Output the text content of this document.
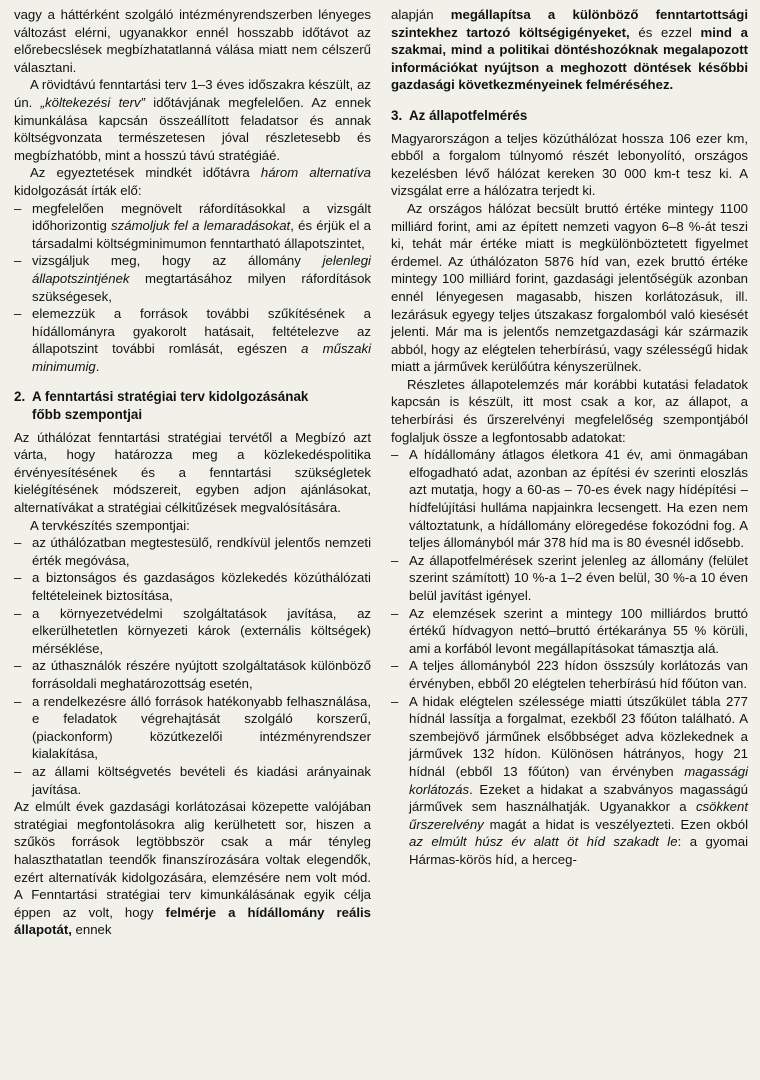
vagy a háttérként szolgáló intézményrendszerben lényeges változást elérni, ugyanakkor ennél hosszabb időtávot az előrebecslések megbízhatatlanná válása miatt nem célszerű választani.

A rövidtávú fenntartási terv 1–3 éves időszakra készült, az ún. „költekezési terv” időtávjának megfelelően. Az ennek kimunkálása kapcsán összeállított feladatsor és annak költségvonzata természetesen jóval részletesebb és megbízhatóbb, mint a hosszú távú stratégiáé.

Az egyeztetések mindkét időtávra három alternatíva kidolgozását írták elő:

– megfelelően megnövelt ráfordításokkal a vizsgált időhorizontig számoljuk fel a lemaradásokat, és érjük el a társadalmi költségminimumon fenntartható állapotszintet,
– vizsgáljuk meg, hogy az állomány jelenlegi állapotszintjének megtartásához milyen ráfordítások szükségesek,
– elemezzük a források további szűkítésének a hídállományra gyakorolt hatásait, feltételezve az állapotszint további romlását, egészen a műszaki minimumig.
2. A fenntartási stratégiai terv kidolgozásának
főbb szempontjai

Az úthálózat fenntartási stratégiai tervétől a Megbízó azt várta, hogy határozza meg a közlekedéspolitika érvényesítésének és a fenntartási szükségletek kielégítésének módszereit, egyben adjon ajánlásokat, alternatívákat a stratégiai célkitűzések megvalósítására.

A tervkészítés szempontjai:

– az úthálózatban megtestesülő, rendkívül jelentős nemzeti érték megóvása,
– a biztonságos és gazdaságos közlekedés közúthálózati feltételeinek biztosítása,
– a környezetvédelmi szolgáltatások javítása, az elkerülhetetlen környezeti károk (externális költségek) mérséklése,
– az úthasználók részére nyújtott szolgáltatások különböző forrásoldali meghatározottság esetén,
– a rendelkezésre álló források hatékonyabb felhasználása, e feladatok végrehajtását szolgáló korszerű, (piackonform) közútkezelői intézményrendszer kialakítása,
– az állami költségvetés bevételi és kiadási arányainak javítása.

Az elmúlt évek gazdasági korlátozásai közepette valójában stratégiai megfontolásokra alig kerülhetett sor, hiszen a szűkös források legtöbbször csak a már tényleg halaszthatatlan teendők finanszírozására voltak elegendők, ezért alternatívák kidolgozására, elemzésére nem volt mód. A Fenntartási stratégiai terv kimunkálásának egyik célja éppen az volt, hogy felmérje a hídállomány reális állapotát, ennek

alapján megállapítsa a különböző fenntartottsági szintekhez tartozó költségigényeket, és ezzel mind a szakmai, mind a politikai döntéshozóknak megalapozott információkat nyújtson a meghozott döntések későbbi gazdasági következményeinek felméréséhez.

3. Az állapotfelmérés

Magyarországon a teljes közúthálózat hossza 106 ezer km, ebből a forgalom túlnyomó részét lebonyolító, országos kezelésben lévő hálózat kereken 30 000 km-t tesz ki. A vizsgálat erre a hálózatra terjedt ki.

Az országos hálózat becsült bruttó értéke mintegy 1100 milliárd forint, ami az épített nemzeti vagyon 6–8 %-át teszi ki, tehát már értéke miatt is megkülönböztetett figyelmet érdemel. Az úthálózaton 5876 híd van, ezek bruttó értéke mintegy 100 milliárd forint, gazdasági jelentőségük azonban ennél lényegesen magasabb, hiszen korlátozásuk, ill. lezárásuk egyegy teljes útszakasz forgalomból való kiesését jelenti. Már ma is jelentős nemzetgazdasági kár származik abból, hogy az elégtelen teherbírású, vagy szélességű hidak miatt a járművek kerülőútra kényszerülnek.

Részletes állapotelemzés már korábbi kutatási feladatok kapcsán is készült, itt most csak a kor, az állapot, a teherbírási és űrszerelvényi megfelelőség szempontjából foglaljuk össze a legfontosabb adatokat:

– A hídállomány átlagos életkora 41 év, ami önmagában elfogadható adat, azonban az építési év szerinti eloszlás azt mutatja, hogy a 60-as – 70-es évek nagy hídépítési – hídfelújítási hulláma napjainkra lecsengett. Ha ezen nem változtatunk, a hídállomány elöregedése fokozódni fog. A teljes állományból már 378 híd ma is 80 évesnél idősebb.
– Az állapotfelmérések szerint jelenleg az állomány (felület szerint számított) 10 %-a 1–2 éven belül, 30 %-a 10 éven belül javítást igényel.
– Az elemzések szerint a mintegy 100 milliárdos bruttó értékű hídvagyon nettó–bruttó értékaránya 55 % körüli, ami a korfából levont megállapításokat támasztja alá.
– A teljes állományból 223 hídon összsúly korlátozás van érvényben, ebből 20 elégtelen teherbírású híd főúton van.
– A hidak elégtelen szélessége miatti útszűkület tábla 277 hídnál lassítja a forgalmat, ezekből 23 főúton található. A szembejövő járműnek elsőbbséget adva közlekednek a járművek 132 hídon. Különösen hátrányos, hogy 21 hídnál (ebből 13 főúton) van érvényben magassági korlátozás. Ezeket a hidakat a szabványos magasságú járművek sem használhatják. Ugyanakkor a csökkent űrszerelvény magát a hidat is veszélyezteti. Ezen okból az elmúlt húsz év alatt öt híd szakadt le: a gyomai Hármas-körös híd, a herceg-
